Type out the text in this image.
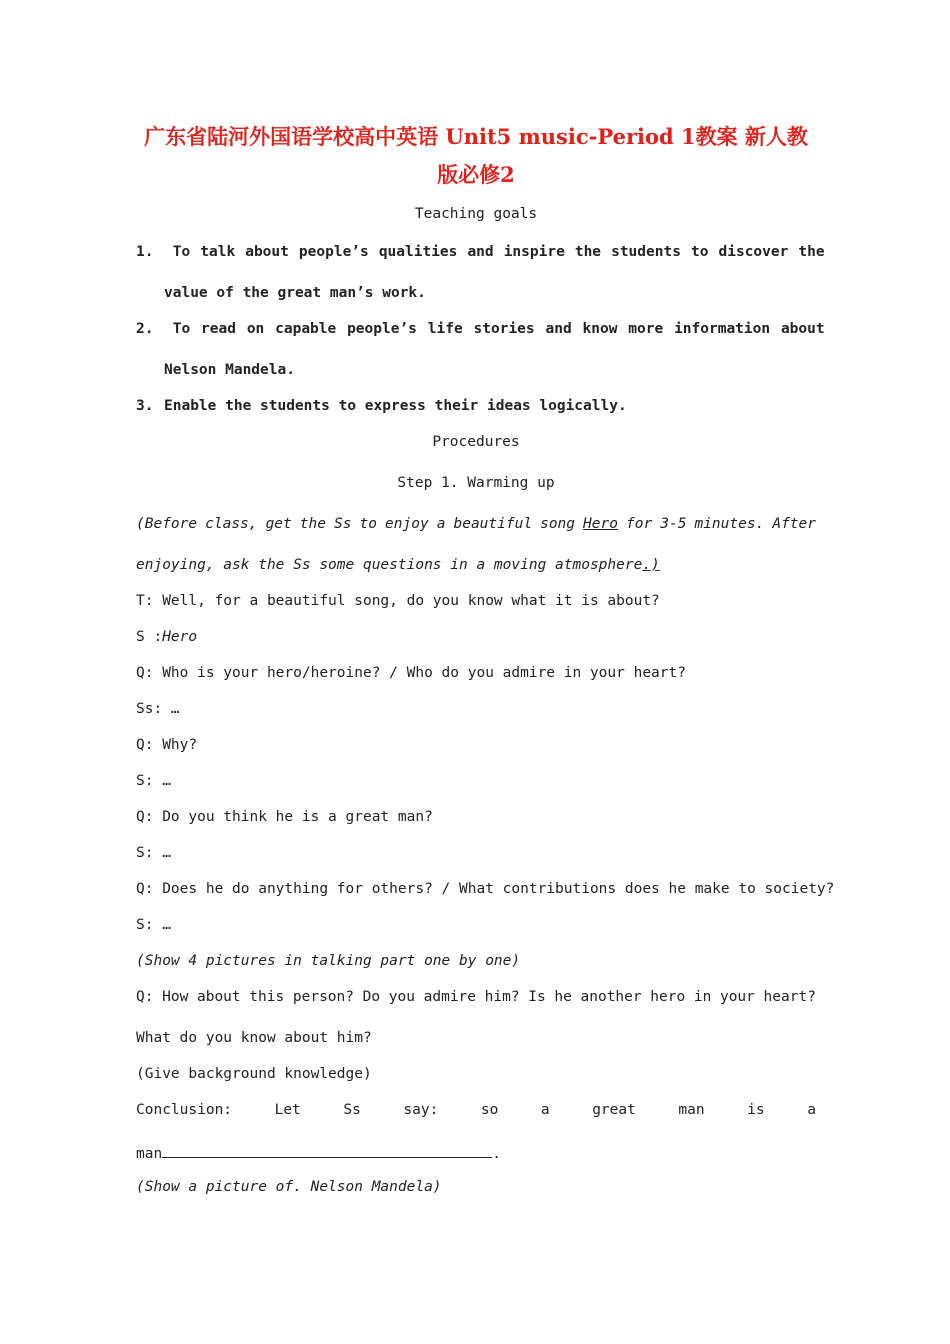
广东省陆河外国语学校高中英语 Unit5 music-Period 1教案 新人教
版必修2
Teaching goals
1. To talk about people’s qualities and inspire the students to discover the
value of the great man’s work.
2. To read on capable people’s life stories and know more information about
Nelson Mandela.
3. Enable the students to express their ideas logically.
Procedures
Step 1. Warming up
(Before class, get the Ss to enjoy a beautiful song Hero for 3-5 minutes. After
enjoying, ask the Ss some questions in a moving atmosphere.)
T: Well, for a beautiful song, do you know what it is about?
S :Hero
Q: Who is your hero/heroine? / Who do you admire in your heart?
Ss: …
Q: Why?
S: …
Q: Do you think he is a great man?
S: …
Q: Does he do anything for others? / What contributions does he make to society?
S: …
(Show 4 pictures in talking part one by one)
Q: How about this person? Do you admire him? Is he another hero in your heart?
What do you know about him?
(Give background knowledge)
Conclusion:	Let	Ss	say:	so	a	great	man	is	a
man	.
(Show a picture of. Nelson Mandela)
